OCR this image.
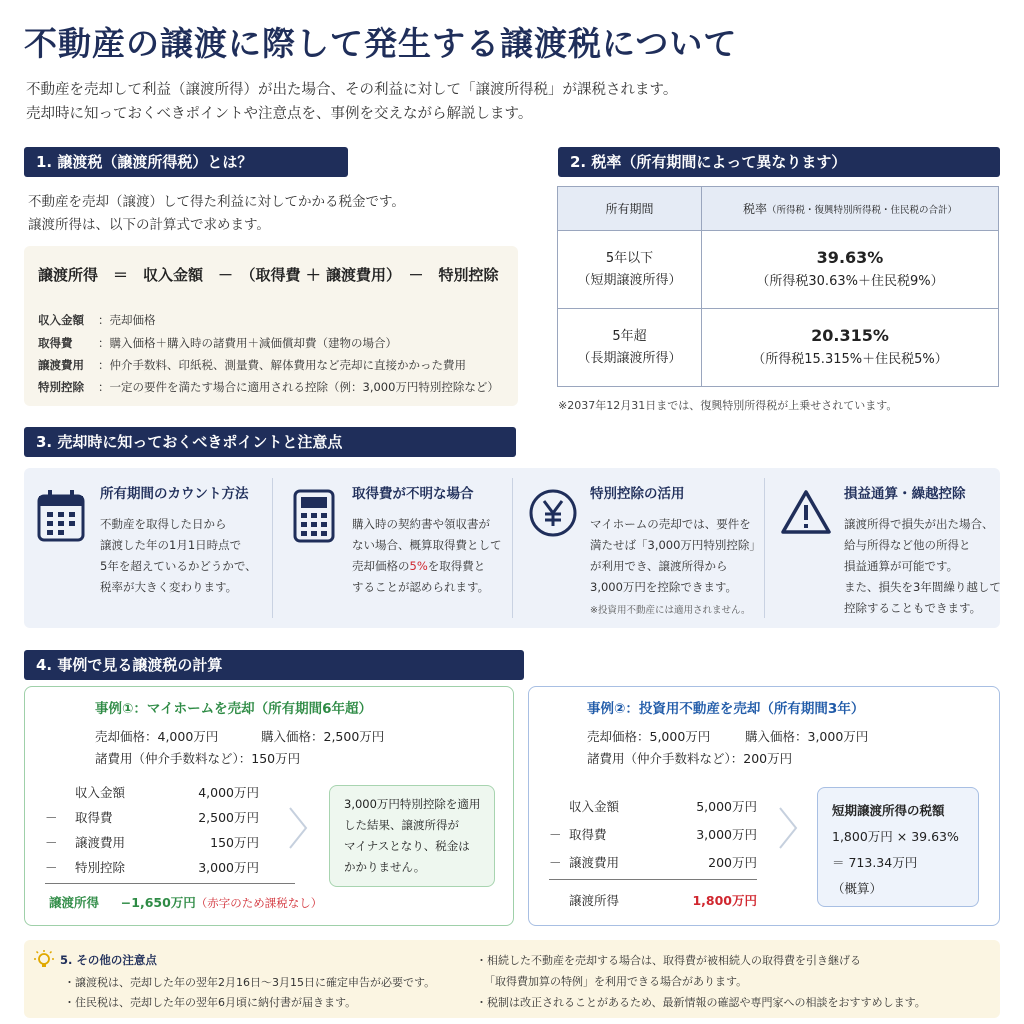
不動産の譲渡に際して発生する譲渡税について
不動産を売却して利益（譲渡所得）が出た場合、その利益に対して「譲渡所得税」が課税されます。
売却時に知っておくべきポイントや注意点を、事例を交えながら解説します。
1. 譲渡税（譲渡所得税）とは？
不動産を売却（譲渡）して得た利益に対してかかる税金です。
譲渡所得は、以下の計算式で求めます。
譲渡所得　＝　収入金額　－　（取得費 ＋ 譲渡費用）　－　特別控除
収入金額 ：売却価格
取得費 ：購入価格＋購入時の諸費用＋減価償却費（建物の場合）
譲渡費用 ：仲介手数料、印紙税、測量費、解体費用など売却に直接かかった費用
特別控除 ：一定の要件を満たす場合に適用される控除（例：3,000万円特別控除など）
2. 税率（所有期間によって異なります）
所有期間	税率（所得税・復興特別所得税・住民税の合計）
5年以下
（短期譲渡所得）	39.63%
（所得税30.63%＋住民税9%）
5年超
（長期譲渡所得）	20.315%
（所得税15.315%＋住民税5%）
※2037年12月31日までは、復興特別所得税が上乗せされています。
3. 売却時に知っておくべきポイントと注意点
所有期間のカウント方法
不動産を取得した日から
譲渡した年の1月1日時点で
5年を超えているかどうかで、
税率が大きく変わります。
取得費が不明な場合
購入時の契約書や領収書が
ない場合、概算取得費として
売却価格の5%を取得費と
することが認められます。
特別控除の活用
マイホームの売却では、要件を
満たせば「3,000万円特別控除」
が利用でき、譲渡所得から
3,000万円を控除できます。
※投資用不動産には適用されません。
損益通算・繰越控除
譲渡所得で損失が出た場合、
給与所得など他の所得と
損益通算が可能です。
また、損失を3年間繰り越して
控除することもできます。
4. 事例で見る譲渡税の計算
事例①：マイホームを売却（所有期間6年超）
売却価格：4,000万円	購入価格：2,500万円
諸費用（仲介手数料など）：150万円
収入金額	4,000万円
－ 取得費	2,500万円
－ 譲渡費用	150万円
－ 特別控除	3,000万円
譲渡所得 −1,650万円（赤字のため課税なし）
3,000万円特別控除を適用
した結果、譲渡所得が
マイナスとなり、税金は
かかりません。
事例②：投資用不動産を売却（所有期間3年）
売却価格：5,000万円	購入価格：3,000万円
諸費用（仲介手数料など）：200万円
収入金額	5,000万円
－ 取得費	3,000万円
－ 譲渡費用	200万円
譲渡所得	1,800万円
短期譲渡所得の税額
1,800万円 × 39.63%
＝ 713.34万円
（概算）
5. その他の注意点
・譲渡税は、売却した年の翌年2月16日～3月15日に確定申告が必要です。
・住民税は、売却した年の翌年6月頃に納付書が届きます。
・相続した不動産を売却する場合は、取得費が被相続人の取得費を引き継げる
「取得費加算の特例」を利用できる場合があります。
・税制は改正されることがあるため、最新情報の確認や専門家への相談をおすすめします。
